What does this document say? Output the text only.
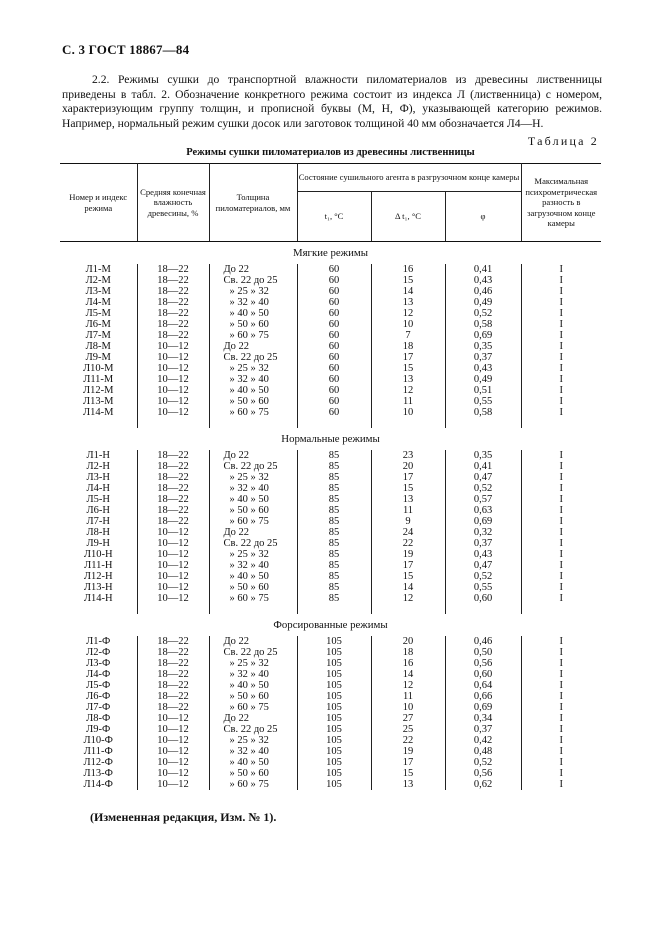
С. 3 ГОСТ 18867—84
2.2. Режимы сушки до транспортной влажности пиломатериалов из древесины лиственницы приведены в табл. 2. Обозначение конкретного режима состоит из индекса Л (лиственница) с номером, характеризующим группу толщин, и прописной буквы (М, Н, Ф), указывающей категорию режимов. Например, нормальный режим сушки досок или заготовок толщиной 40 мм обозначается Л4—Н.
Таблица 2
Режимы сушки пиломатериалов из древесины лиственницы
Номер и индекс режима	Средняя конечная влажность древесины, %	Толщина пиломатериалов, мм	Состояние сушильного агента в разгрузочном конце камеры			Максимальная психрометрическая разность в загрузочном конце камеры
			t₁, °С	Δ t₁, °С	φ	
Мягкие режимы						
Л1-М	18—22	До 22	60	16	0,41	I
Л2-М	18—22	Св. 22 до 25	60	15	0,43	I
Л3-М	18—22	» 25 » 32	60	14	0,46	I
Л4-М	18—22	» 32 » 40	60	13	0,49	I
Л5-М	18—22	» 40 » 50	60	12	0,52	I
Л6-М	18—22	» 50 » 60	60	10	0,58	I
Л7-М	18—22	» 60 » 75	60	7	0,69	I
Л8-М	10—12	До 22	60	18	0,35	I
Л9-М	10—12	Св. 22 до 25	60	17	0,37	I
Л10-М	10—12	» 25 » 32	60	15	0,43	I
Л11-М	10—12	» 32 » 40	60	13	0,49	I
Л12-М	10—12	» 40 » 50	60	12	0,51	I
Л13-М	10—12	» 50 » 60	60	11	0,55	I
Л14-М	10—12	» 60 » 75	60	10	0,58	I

Нормальные режимы						
Л1-Н	18—22	До 22	85	23	0,35	I
Л2-Н	18—22	Св. 22 до 25	85	20	0,41	I
Л3-Н	18—22	» 25 » 32	85	17	0,47	I
Л4-Н	18—22	» 32 » 40	85	15	0,52	I
Л5-Н	18—22	» 40 » 50	85	13	0,57	I
Л6-Н	18—22	» 50 » 60	85	11	0,63	I
Л7-Н	18—22	» 60 » 75	85	9	0,69	I
Л8-Н	10—12	До 22	85	24	0,32	I
Л9-Н	10—12	Св. 22 до 25	85	22	0,37	I
Л10-Н	10—12	» 25 » 32	85	19	0,43	I
Л11-Н	10—12	» 32 » 40	85	17	0,47	I
Л12-Н	10—12	» 40 » 50	85	15	0,52	I
Л13-Н	10—12	» 50 » 60	85	14	0,55	I
Л14-Н	10—12	» 60 » 75	85	12	0,60	I

Форсированные режимы						
Л1-Ф	18—22	До 22	105	20	0,46	I
Л2-Ф	18—22	Св. 22 до 25	105	18	0,50	I
Л3-Ф	18—22	» 25 » 32	105	16	0,56	I
Л4-Ф	18—22	» 32 » 40	105	14	0,60	I
Л5-Ф	18—22	» 40 » 50	105	12	0,64	I
Л6-Ф	18—22	» 50 » 60	105	11	0,66	I
Л7-Ф	18—22	» 60 » 75	105	10	0,69	I
Л8-Ф	10—12	До 22	105	27	0,34	I
Л9-Ф	10—12	Св. 22 до 25	105	25	0,37	I
Л10-Ф	10—12	» 25 » 32	105	22	0,42	I
Л11-Ф	10—12	» 32 » 40	105	19	0,48	I
Л12-Ф	10—12	» 40 » 50	105	17	0,52	I
Л13-Ф	10—12	» 50 » 60	105	15	0,56	I
Л14-Ф	10—12	» 60 » 75	105	13	0,62	I
(Измененная редакция, Изм. № 1).
